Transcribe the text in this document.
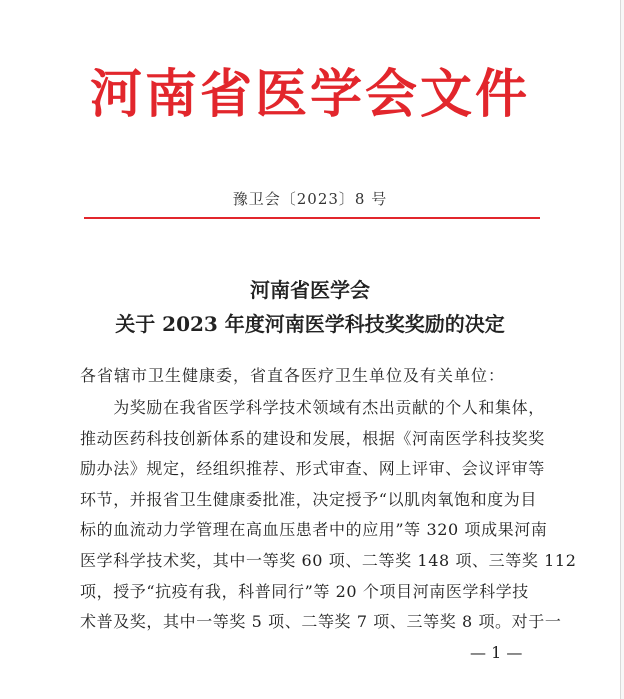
河南省医学会文件
豫卫会〔2023〕8 号
河南省医学会
关于 2023 年度河南医学科技奖奖励的决定
各省辖市卫生健康委，省直各医疗卫生单位及有关单位：
　　为奖励在我省医学科学技术领域有杰出贡献的个人和集体，
推动医药科技创新体系的建设和发展，根据《河南医学科技奖奖
励办法》规定，经组织推荐、形式审查、网上评审、会议评审等
环节，并报省卫生健康委批准，决定授予“以肌肉氧饱和度为目
标的血流动力学管理在高血压患者中的应用”等 320 项成果河南
医学科学技术奖，其中一等奖 60 项、二等奖 148 项、三等奖 112
项，授予“抗疫有我，科普同行”等 20 个项目河南医学科学技
术普及奖，其中一等奖 5 项、二等奖 7 项、三等奖 8 项。对于一
— 1 —
